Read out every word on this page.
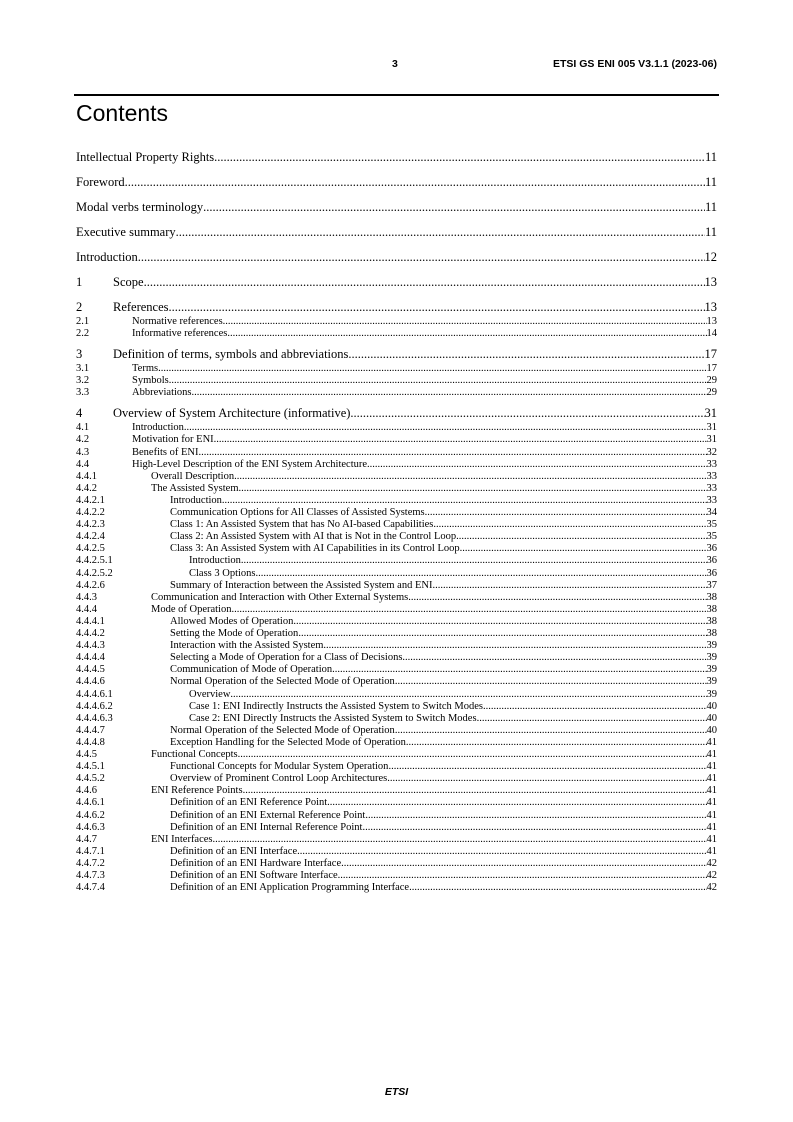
3	ETSI GS ENI 005 V3.1.1 (2023-06)
Contents
Intellectual Property Rights .....	11
Foreword .....	11
Modal verbs terminology .....	11
Executive summary .....	11
Introduction .....	12
1	Scope .....	13
2	References .....	13
2.1	Normative references .....	13
2.2	Informative references .....	14
3	Definition of terms, symbols and abbreviations .....	17
3.1	Terms .....	17
3.2	Symbols .....	29
3.3	Abbreviations .....	29
4	Overview of System Architecture (informative) .....	31
4.1	Introduction .....	31
4.2	Motivation for ENI .....	31
4.3	Benefits of ENI .....	32
4.4	High-Level Description of the ENI System Architecture .....	33
4.4.1	Overall Description .....	33
4.4.2	The Assisted System .....	33
4.4.2.1	Introduction .....	33
4.4.2.2	Communication Options for All Classes of Assisted Systems .....	34
4.4.2.3	Class 1: An Assisted System that has No AI-based Capabilities .....	35
4.4.2.4	Class 2: An Assisted System with AI that is Not in the Control Loop .....	35
4.4.2.5	Class 3: An Assisted System with AI Capabilities in its Control Loop .....	36
4.4.2.5.1	Introduction .....	36
4.4.2.5.2	Class 3 Options .....	36
4.4.2.6	Summary of Interaction between the Assisted System and ENI .....	37
4.4.3	Communication and Interaction with Other External Systems .....	38
4.4.4	Mode of Operation .....	38
4.4.4.1	Allowed Modes of Operation .....	38
4.4.4.2	Setting the Mode of Operation .....	38
4.4.4.3	Interaction with the Assisted System .....	39
4.4.4.4	Selecting a Mode of Operation for a Class of Decisions .....	39
4.4.4.5	Communication of Mode of Operation .....	39
4.4.4.6	Normal Operation of the Selected Mode of Operation .....	39
4.4.4.6.1	Overview .....	39
4.4.4.6.2	Case 1: ENI Indirectly Instructs the Assisted System to Switch Modes .....	40
4.4.4.6.3	Case 2: ENI Directly Instructs the Assisted System to Switch Modes .....	40
4.4.4.7	Normal Operation of the Selected Mode of Operation .....	40
4.4.4.8	Exception Handling for the Selected Mode of Operation .....	41
4.4.5	Functional Concepts .....	41
4.4.5.1	Functional Concepts for Modular System Operation .....	41
4.4.5.2	Overview of Prominent Control Loop Architectures .....	41
4.4.6	ENI Reference Points .....	41
4.4.6.1	Definition of an ENI Reference Point .....	41
4.4.6.2	Definition of an ENI External Reference Point .....	41
4.4.6.3	Definition of an ENI Internal Reference Point .....	41
4.4.7	ENI Interfaces .....	41
4.4.7.1	Definition of an ENI Interface .....	41
4.4.7.2	Definition of an ENI Hardware Interface .....	42
4.4.7.3	Definition of an ENI Software Interface .....	42
4.4.7.4	Definition of an ENI Application Programming Interface .....	42
ETSI
